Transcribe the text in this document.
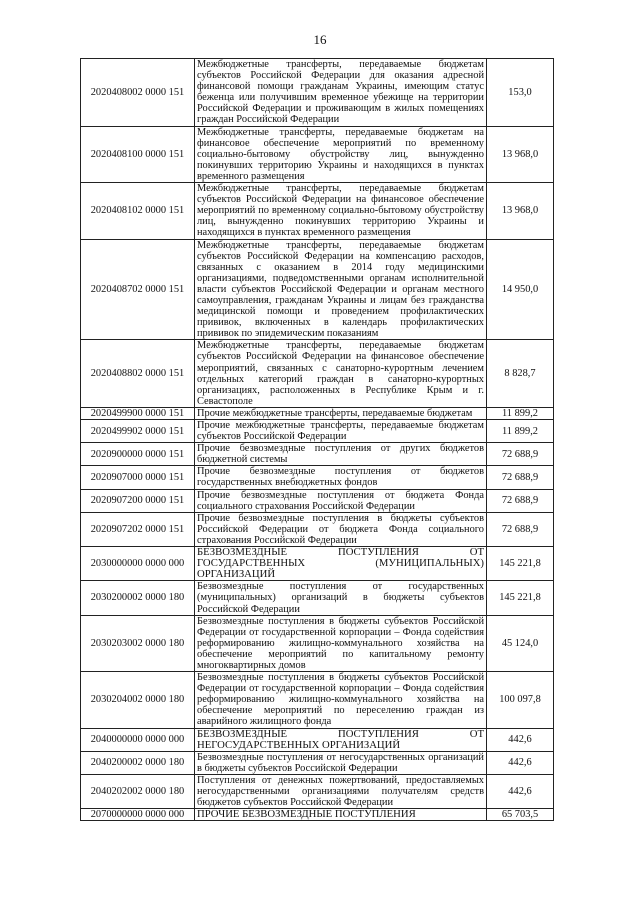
16
2020408002 0000 151	Межбюджетные трансферты, передаваемые бюджетам субъектов Российской Федерации для оказания адресной финансовой помощи гражданам Украины, имеющим статус беженца или получившим временное убежище на территории Российской Федерации и проживающим в жилых помещениях граждан Российской Федерации	153,0
2020408100 0000 151	Межбюджетные трансферты, передаваемые бюджетам на финансовое обеспечение мероприятий по временному социально-бытовому обустройству лиц, вынужденно покинувших территорию Украины и находящихся в пунктах временного размещения	13 968,0
2020408102 0000 151	Межбюджетные трансферты, передаваемые бюджетам субъектов Российской Федерации на финансовое обеспечение мероприятий по временному социально-бытовому обустройству лиц, вынужденно покинувших территорию Украины и находящихся в пунктах временного размещения	13 968,0
2020408702 0000 151	Межбюджетные трансферты, передаваемые бюджетам субъектов Российской Федерации на компенсацию расходов, связанных с оказанием в 2014 году медицинскими организациями, подведомственными органам исполнительной власти субъектов Российской Федерации и органам местного самоуправления, гражданам Украины и лицам без гражданства медицинской помощи и проведением профилактических прививок, включенных в календарь профилактических прививок по эпидемическим показаниям	14 950,0
2020408802 0000 151	Межбюджетные трансферты, передаваемые бюджетам субъектов Российской Федерации на финансовое обеспечение мероприятий, связанных с санаторно-курортным лечением отдельных категорий граждан в санаторно-курортных организациях, расположенных в Республике Крым и г. Севастополе	8 828,7
2020499900 0000 151	Прочие межбюджетные трансферты, передаваемые бюджетам	11 899,2
2020499902 0000 151	Прочие межбюджетные трансферты, передаваемые бюджетам субъектов Российской Федерации	11 899,2
2020900000 0000 151	Прочие безвозмездные поступления от других бюджетов бюджетной системы	72 688,9
2020907000 0000 151	Прочие безвозмездные поступления от бюджетов государственных внебюджетных фондов	72 688,9
2020907200 0000 151	Прочие безвозмездные поступления от бюджета Фонда социального страхования Российской Федерации	72 688,9
2020907202 0000 151	Прочие безвозмездные поступления в бюджеты субъектов Российской Федерации от бюджета Фонда социального страхования Российской Федерации	72 688,9
2030000000 0000 000	БЕЗВОЗМЕЗДНЫЕ ПОСТУПЛЕНИЯ ОТ ГОСУДАРСТВЕННЫХ (МУНИЦИПАЛЬНЫХ) ОРГАНИЗАЦИЙ	145 221,8
2030200002 0000 180	Безвозмездные поступления от государственных (муниципальных) организаций в бюджеты субъектов Российской Федерации	145 221,8
2030203002 0000 180	Безвозмездные поступления в бюджеты субъектов Российской Федерации от государственной корпорации – Фонда содействия реформированию жилищно-коммунального хозяйства на обеспечение мероприятий по капитальному ремонту многоквартирных домов	45 124,0
2030204002 0000 180	Безвозмездные поступления в бюджеты субъектов Российской Федерации от государственной корпорации – Фонда содействия реформированию жилищно-коммунального хозяйства на обеспечение мероприятий по переселению граждан из аварийного жилищного фонда	100 097,8
2040000000 0000 000	БЕЗВОЗМЕЗДНЫЕ ПОСТУПЛЕНИЯ ОТ НЕГОСУДАРСТВЕННЫХ ОРГАНИЗАЦИЙ	442,6
2040200002 0000 180	Безвозмездные поступления от негосударственных организаций в бюджеты субъектов Российской Федерации	442,6
2040202002 0000 180	Поступления от денежных пожертвований, предоставляемых негосударственными организациями получателям средств бюджетов субъектов Российской Федерации	442,6
2070000000 0000 000	ПРОЧИЕ БЕЗВОЗМЕЗДНЫЕ ПОСТУПЛЕНИЯ	65 703,5
